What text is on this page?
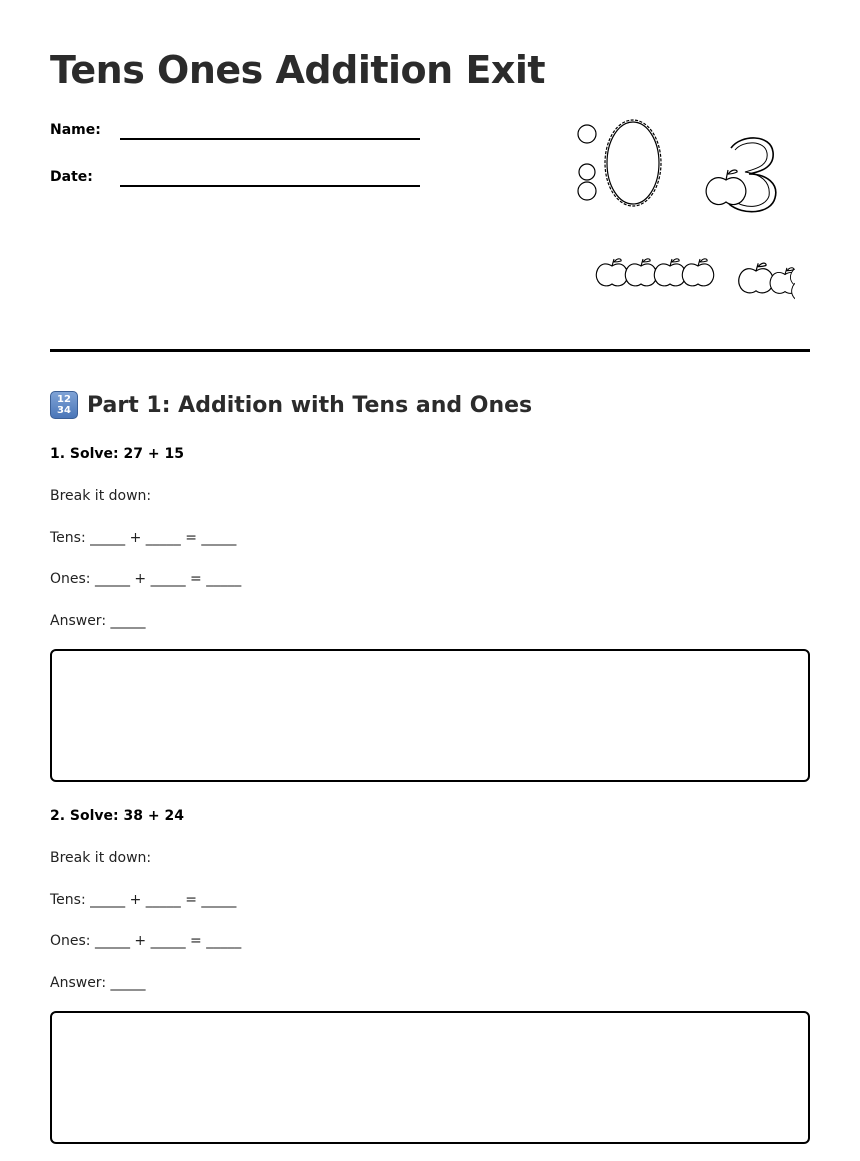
Tens Ones Addition Exit
Name:
Date:
12
34 Part 1: Addition with Tens and Ones
1. Solve: 27 + 15
Break it down:
Tens: _____ + _____ = _____
Ones: _____ + _____ = _____
Answer: _____
2. Solve: 38 + 24
Break it down:
Tens: _____ + _____ = _____
Ones: _____ + _____ = _____
Answer: _____
